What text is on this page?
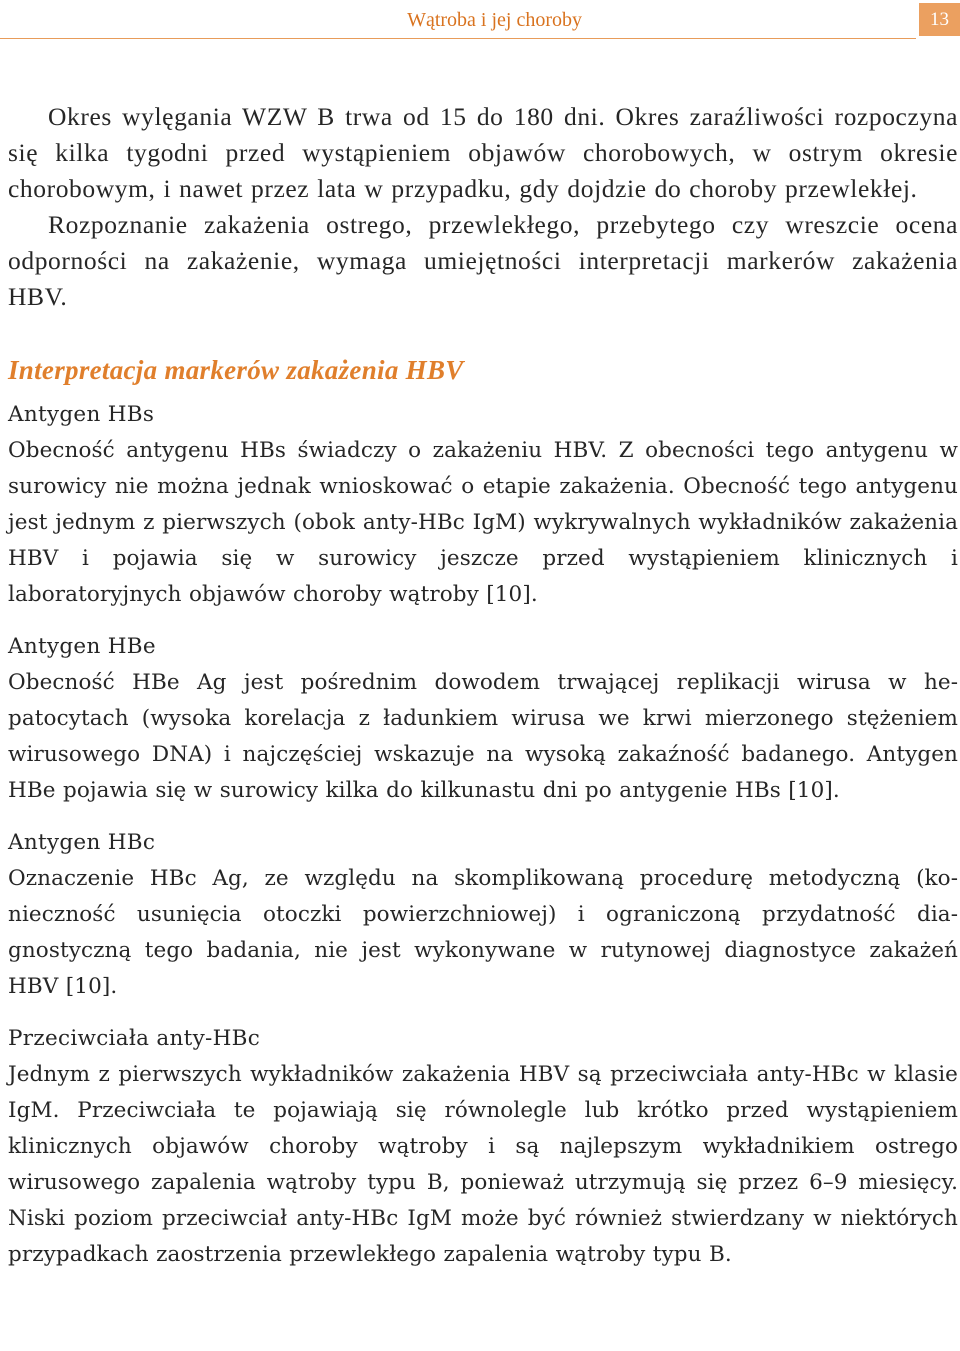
Wątroba i jej choroby	13

Okres wylęgania WZW B trwa od 15 do 180 dni. Okres zaraźliwości rozpoczyna się kilka tygodni przed wystąpieniem objawów chorobowych, w ostrym okresie chorobowym, i nawet przez lata w przypadku, gdy dojdzie do choroby przewlekłej.

Rozpoznanie zakażenia ostrego, przewlekłego, przebytego czy wreszcie ocena odporności na zakażenie, wymaga umiejętności interpretacji markerów zakażenia HBV.

Interpretacja markerów zakażenia HBV

Antygen HBs

Obecność antygenu HBs świadczy o zakażeniu HBV. Z obecności tego antygenu w surowicy nie można jednak wnioskować o etapie zakażenia. Obecność tego antygenu jest jednym z pierwszych (obok anty-HBc IgM) wykrywalnych wykładników zakażenia HBV i pojawia się w surowicy jeszcze przed wystąpieniem klinicznych i laboratoryjnych objawów choroby wątroby [10].

Antygen HBe

Obecność HBe Ag jest pośrednim dowodem trwającej replikacji wirusa w hepatocytach (wysoka korelacja z ładunkiem wirusa we krwi mierzonego stężeniem wirusowego DNA) i najczęściej wskazuje na wysoką zakaźność badanego. Antygen HBe pojawia się w surowicy kilka do kilkunastu dni po antygenie HBs [10].

Antygen HBc

Oznaczenie HBc Ag, ze względu na skomplikowaną procedurę metodyczną (konieczność usunięcia otoczki powierzchniowej) i ograniczoną przydatność diagnostyczną tego badania, nie jest wykonywane w rutynowej diagnostyce zakażeń HBV [10].

Przeciwciała anty-HBc

Jednym z pierwszych wykładników zakażenia HBV są przeciwciała anty-HBc w klasie IgM. Przeciwciała te pojawiają się równolegle lub krótko przed wystąpieniem klinicznych objawów choroby wątroby i są najlepszym wykładnikiem ostrego wirusowego zapalenia wątroby typu B, ponieważ utrzymują się przez 6–9 miesięcy. Niski poziom przeciwciał anty-HBc IgM może być również stwierdzany w niektórych przypadkach zaostrzenia przewlekłego zapalenia wątroby typu B.
